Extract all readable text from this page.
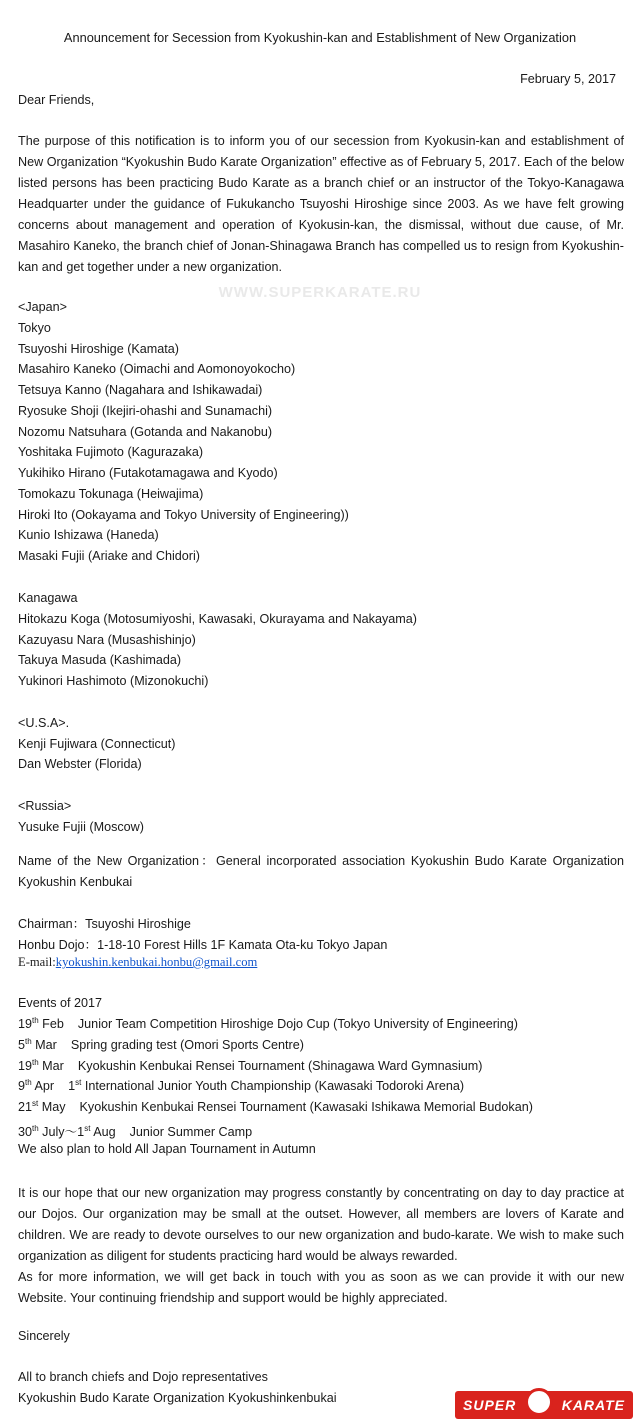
Announcement for Secession from Kyokushin-kan and Establishment of New Organization
February 5, 2017
Dear Friends,

The purpose of this notification is to inform you of our secession from Kyokusin-kan and establishment of New Organization “Kyokushin Budo Karate Organization” effective as of February 5, 2017. Each of the below listed persons has been practicing Budo Karate as a branch chief or an instructor of the Tokyo-Kanagawa Headquarter under the guidance of Fukukancho Tsuyoshi Hiroshige since 2003. As we have felt growing concerns about management and operation of Kyokusin-kan, the dismissal, without due cause, of Mr. Masahiro Kaneko, the branch chief of Jonan-Shinagawa Branch has compelled us to resign from Kyokushin-kan and get together under a new organization.

WWW.SUPERKARATE.RU
<Japan>
Tokyo
Tsuyoshi Hiroshige (Kamata)
Masahiro Kaneko (Oimachi and Aomonoyokocho)
Tetsuya Kanno (Nagahara and Ishikawadai)
Ryosuke Shoji (Ikejiri-ohashi and Sunamachi)
Nozomu Natsuhara (Gotanda and Nakanobu)
Yoshitaka Fujimoto (Kagurazaka)
Yukihiko Hirano (Futakotamagawa and Kyodo)
Tomokazu Tokunaga (Heiwajima)
Hiroki Ito (Ookayama and Tokyo University of Engineering))
Kunio Ishizawa (Haneda)
Masaki Fujii (Ariake and Chidori)
Kanagawa
Hitokazu Koga (Motosumiyoshi, Kawasaki, Okurayama and Nakayama)
Kazuyasu Nara (Musashishinjo)
Takuya Masuda (Kashimada)
Yukinori Hashimoto (Mizonokuchi)
<U.S.A>.
Kenji Fujiwara (Connecticut)
Dan Webster (Florida)
<Russia>
Yusuke Fujii (Moscow)

Name of the New Organization：General incorporated association Kyokushin Budo Karate Organization Kyokushin Kenbukai

Chairman：Tsuyoshi Hiroshige
Honbu Dojo：1-18-10 Forest Hills 1F Kamata Ota-ku Tokyo Japan
E-mail:kyokushin.kenbukai.honbu@gmail.com
Events of 2017
19th Feb    Junior Team Competition Hiroshige Dojo Cup (Tokyo University of Engineering)
5th Mar    Spring grading test (Omori Sports Centre)
19th Mar    Kyokushin Kenbukai Rensei Tournament (Shinagawa Ward Gymnasium)
9th Apr    1st International Junior Youth Championship (Kawasaki Todoroki Arena)
21st May    Kyokushin Kenbukai Rensei Tournament (Kawasaki Ishikawa Memorial Budokan)
30th July～1st Aug    Junior Summer Camp
We also plan to hold All Japan Tournament in Autumn

It is our hope that our new organization may progress constantly by concentrating on day to day practice at our Dojos. Our organization may be small at the outset. However, all members are lovers of Karate and children. We are ready to devote ourselves to our new organization and budo-karate. We wish to make such organization as diligent for students practicing hard would be always rewarded.

As for more information, we will get back in touch with you as soon as we can provide it with our new Website. Your continuing friendship and support would be highly appreciated.

Sincerely
All to branch chiefs and Dojo representatives
Kyokushin Budo Karate Organization Kyokushinkenbukai	SUPER	KARATE
